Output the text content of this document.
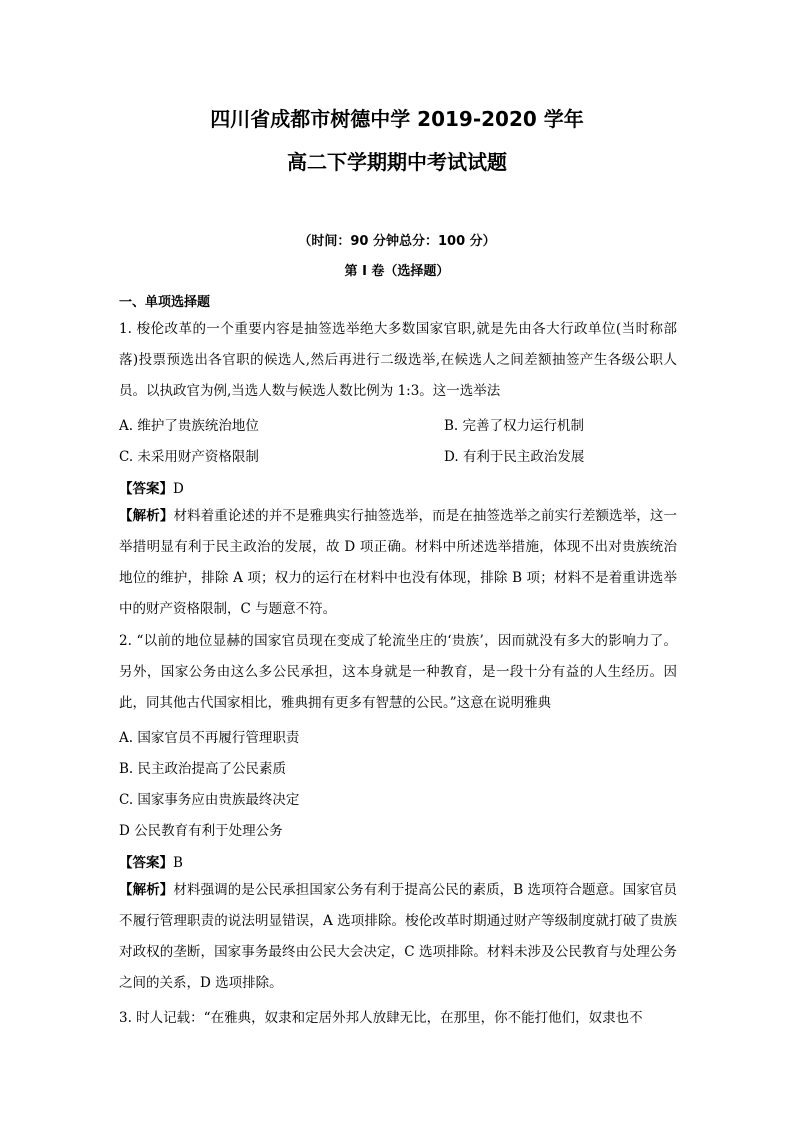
四川省成都市树德中学 2019-2020 学年
高二下学期期中考试试题
（时间：90 分钟总分：100 分）
第 I 卷（选择题）
一、单项选择题

1. 梭伦改革的一个重要内容是抽签选举绝大多数国家官职,就是先由各大行政单位(当时称部落)投票预选出各官职的候选人,然后再进行二级选举,在候选人之间差额抽签产生各级公职人员。以执政官为例,当选人数与候选人数比例为 1:3。这一选举法

A. 维护了贵族统治地位	B. 完善了权力运行机制
C. 未采用财产资格限制	D. 有利于民主政治发展
【答案】D

【解析】材料着重论述的并不是雅典实行抽签选举，而是在抽签选举之前实行差额选举，这一举措明显有利于民主政治的发展，故 D 项正确。材料中所述选举措施，体现不出对贵族统治地位的维护，排除 A 项；权力的运行在材料中也没有体现，排除 B 项；材料不是着重讲选举中的财产资格限制，C 与题意不符。

2. “以前的地位显赫的国家官员现在变成了轮流坐庄的‘贵族’，因而就没有多大的影响力了。另外，国家公务由这么多公民承担，这本身就是一种教育，是一段十分有益的人生经历。因此，同其他古代国家相比，雅典拥有更多有智慧的公民。”这意在说明雅典

A. 国家官员不再履行管理职责
B. 民主政治提高了公民素质
C. 国家事务应由贵族最终决定
D 公民教育有利于处理公务
【答案】B

【解析】材料强调的是公民承担国家公务有利于提高公民的素质，B 选项符合题意。国家官员不履行管理职责的说法明显错误，A 选项排除。梭伦改革时期通过财产等级制度就打破了贵族对政权的垄断，国家事务最终由公民大会决定，C 选项排除。材料未涉及公民教育与处理公务之间的关系，D 选项排除。

3. 时人记载：“在雅典，奴隶和定居外邦人放肆无比，在那里，你不能打他们，奴隶也不
